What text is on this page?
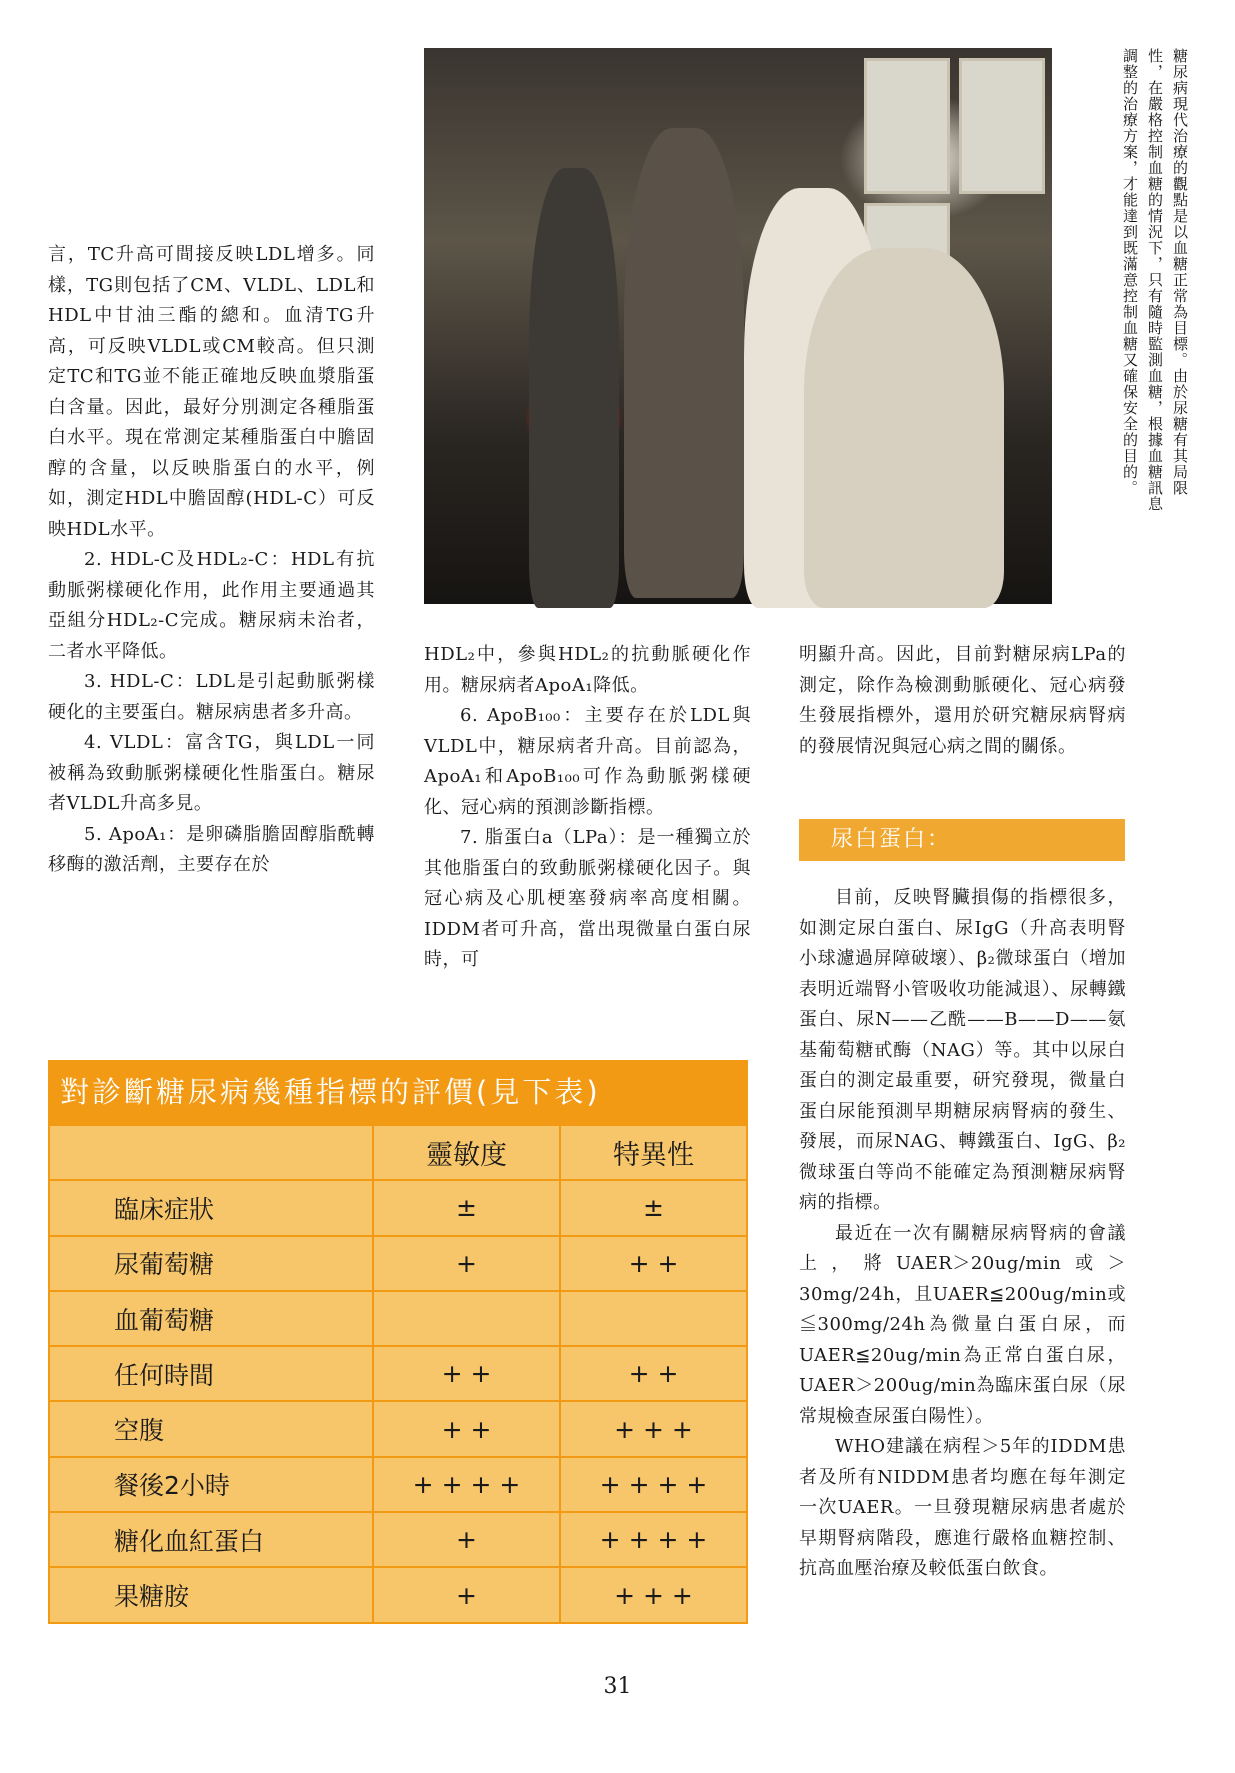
言，TC升高可間接反映LDL增多。同樣，TG則包括了CM、VLDL、LDL和HDL中甘油三酯的總和。血清TG升高，可反映VLDL或CM較高。但只測定TC和TG並不能正確地反映血漿脂蛋白含量。因此，最好分別測定各種脂蛋白水平。現在常測定某種脂蛋白中膽固醇的含量，以反映脂蛋白的水平，例如，測定HDL中膽固醇(HDL-C）可反映HDL水平。

2. HDL-C及HDL₂-C：HDL有抗動脈粥樣硬化作用，此作用主要通過其亞組分HDL₂-C完成。糖尿病未治者，二者水平降低。

3. HDL-C：LDL是引起動脈粥樣硬化的主要蛋白。糖尿病患者多升高。

4. VLDL：富含TG，與LDL一同被稱為致動脈粥樣硬化性脂蛋白。糖尿者VLDL升高多見。

5. ApoA₁：是卵磷脂膽固醇脂酰轉移酶的激活劑，主要存在於

糖尿病現代治療的觀點是以血糖正常為目標。由於尿糖有其局限性，在嚴格控制血糖的情況下，只有隨時監測血糖，根據血糖訊息調整的治療方案，才能達到既滿意控制血糖又確保安全的目的。

HDL₂中，參與HDL₂的抗動脈硬化作用。糖尿病者ApoA₁降低。

6. ApoB₁₀₀：主要存在於LDL與VLDL中，糖尿病者升高。目前認為，ApoA₁和ApoB₁₀₀可作為動脈粥樣硬化、冠心病的預測診斷指標。

7. 脂蛋白a（LPa）：是一種獨立於其他脂蛋白的致動脈粥樣硬化因子。與冠心病及心肌梗塞發病率高度相關。IDDM者可升高，當出現微量白蛋白尿時，可

明顯升高。因此，目前對糖尿病LPa的測定，除作為檢測動脈硬化、冠心病發生發展指標外，還用於研究糖尿病腎病的發展情況與冠心病之間的關係。

尿白蛋白：

目前，反映腎臟損傷的指標很多，如測定尿白蛋白、尿IgG（升高表明腎小球濾過屏障破壞）、β₂微球蛋白（增加表明近端腎小管吸收功能減退）、尿轉鐵蛋白、尿N——乙酰——B——D——氨基葡萄糖甙酶（NAG）等。其中以尿白蛋白的測定最重要，研究發現，微量白蛋白尿能預測早期糖尿病腎病的發生、發展，而尿NAG、轉鐵蛋白、IgG、β₂微球蛋白等尚不能確定為預測糖尿病腎病的指標。

最近在一次有關糖尿病腎病的會議上，將UAER＞20ug/min或＞30mg/24h，且UAER≦200ug/min或≦300mg/24h為微量白蛋白尿，而UAER≦20ug/min為正常白蛋白尿，UAER＞200ug/min為臨床蛋白尿（尿常規檢查尿蛋白陽性）。

WHO建議在病程＞5年的IDDM患者及所有NIDDM患者均應在每年測定一次UAER。一旦發現糖尿病患者處於早期腎病階段，應進行嚴格血糖控制、抗高血壓治療及較低蛋白飲食。

對診斷糖尿病幾種指標的評價(見下表)
	靈敏度	特異性
臨床症狀	±	±
尿葡萄糖	+	+ +
血葡萄糖		
任何時間	+ +	+ +
空腹	+ +	+ + +
餐後2小時	+ + + +	+ + + +
糖化血紅蛋白	+	+ + + +
果糖胺	+	+ + +
31
